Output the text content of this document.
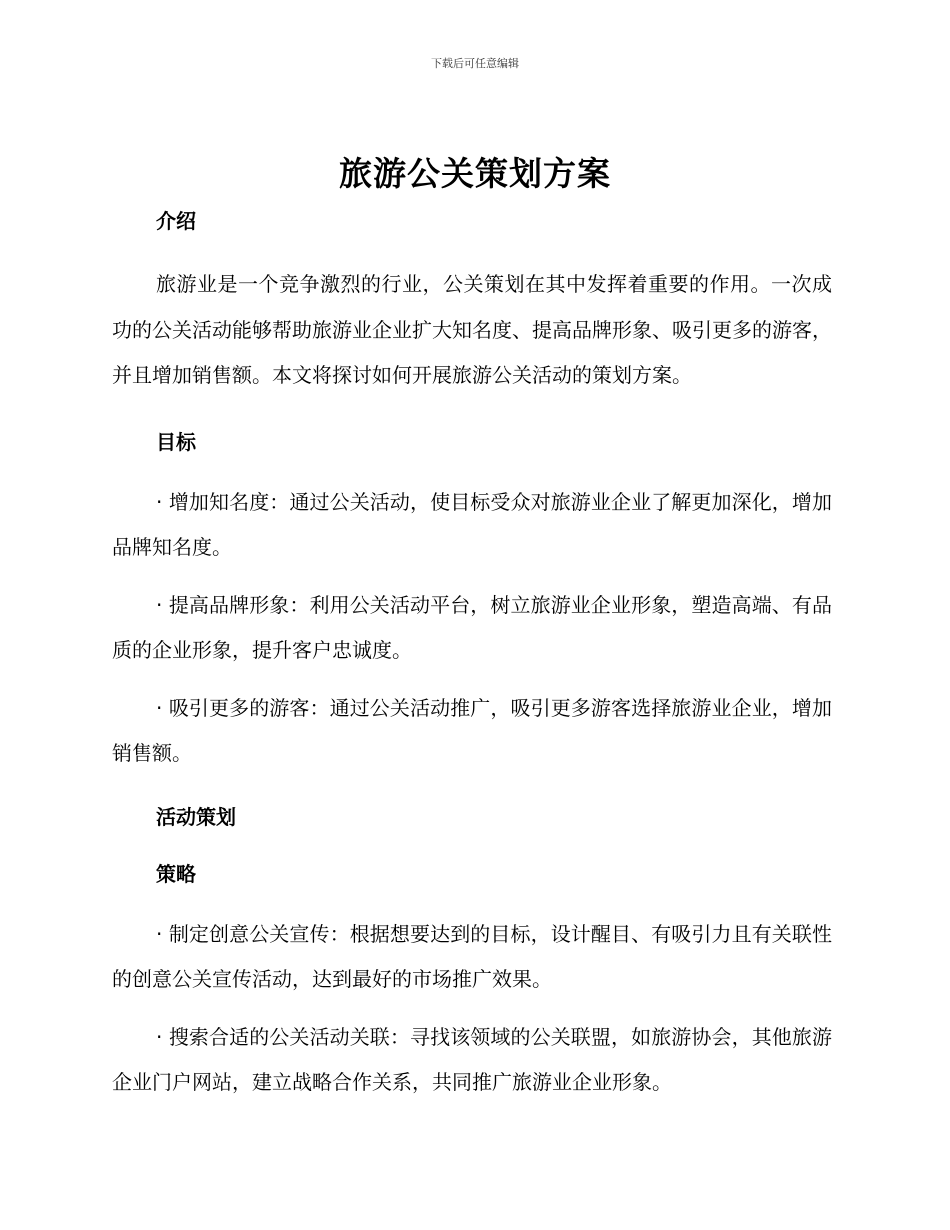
下载后可任意编辑
旅游公关策划方案
介绍

旅游业是一个竞争激烈的行业，公关策划在其中发挥着重要的作用。一次成功的公关活动能够帮助旅游业企业扩大知名度、提高品牌形象、吸引更多的游客，并且增加销售额。本文将探讨如何开展旅游公关活动的策划方案。

目标

· 增加知名度：通过公关活动，使目标受众对旅游业企业了解更加深化，增加品牌知名度。

· 提高品牌形象：利用公关活动平台，树立旅游业企业形象，塑造高端、有品质的企业形象，提升客户忠诚度。

· 吸引更多的游客：通过公关活动推广，吸引更多游客选择旅游业企业，增加销售额。

活动策划
策略

· 制定创意公关宣传：根据想要达到的目标，设计醒目、有吸引力且有关联性的创意公关宣传活动，达到最好的市场推广效果。

· 搜索合适的公关活动关联：寻找该领域的公关联盟，如旅游协会，其他旅游企业门户网站，建立战略合作关系，共同推广旅游业企业形象。
